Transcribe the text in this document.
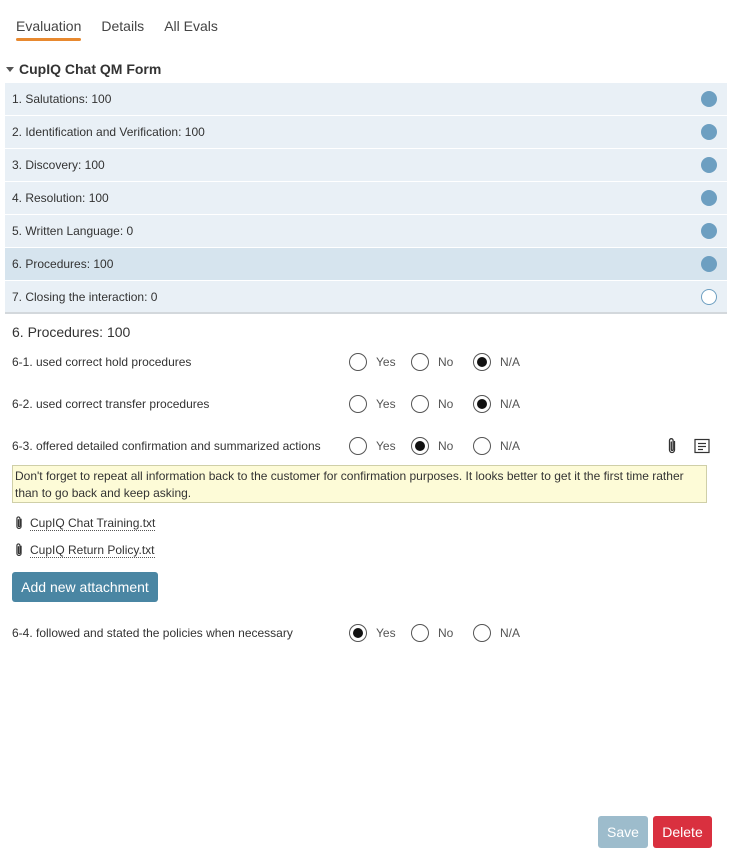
Evaluation Details All Evals
CupIQ Chat QM Form
1. Salutations: 100
2. Identification and Verification: 100
3. Discovery: 100
4. Resolution: 100
5. Written Language: 0
6. Procedures: 100
7. Closing the interaction: 0
6. Procedures: 100
6-1. used correct hold procedures	Yes	No	N/A
6-2. used correct transfer procedures	Yes	No	N/A
6-3. offered detailed confirmation and summarized actions	Yes	No	N/A
Don't forget to repeat all information back to the customer for confirmation purposes. It looks better to get it the first time rather than to go back and keep asking.
CupIQ Chat Training.txt
CupIQ Return Policy.txt
Add new attachment
6-4. followed and stated the policies when necessary	Yes	No	N/A
Save	Delete
